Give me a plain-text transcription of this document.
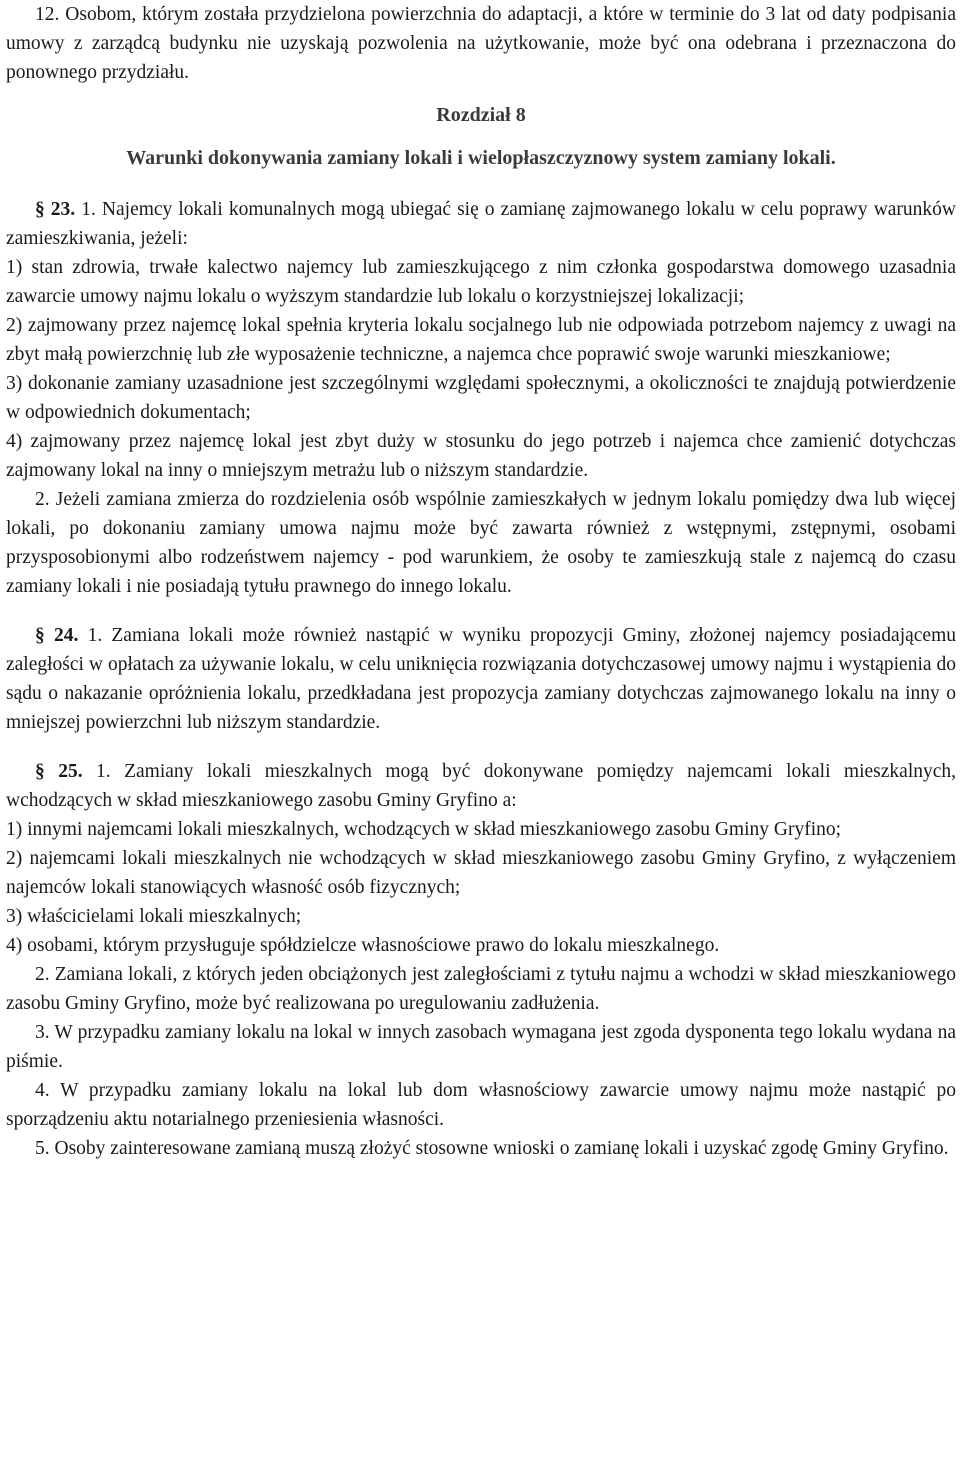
12. Osobom, którym została przydzielona powierzchnia do adaptacji, a które w terminie do 3 lat od daty podpisania umowy z zarządcą budynku nie uzyskają pozwolenia na użytkowanie, może być ona odebrana i przeznaczona do ponownego przydziału.

Rozdział 8

Warunki dokonywania zamiany lokali i wielopłaszczyznowy system zamiany lokali.

§ 23. 1. Najemcy lokali komunalnych mogą ubiegać się o zamianę zajmowanego lokalu w celu poprawy warunków zamieszkiwania, jeżeli:

1) stan zdrowia, trwałe kalectwo najemcy lub zamieszkującego z nim członka gospodarstwa domowego uzasadnia zawarcie umowy najmu lokalu o wyższym standardzie lub lokalu o korzystniejszej lokalizacji;

2) zajmowany przez najemcę lokal spełnia kryteria lokalu socjalnego lub nie odpowiada potrzebom najemcy z uwagi na zbyt małą powierzchnię lub złe wyposażenie techniczne, a najemca chce poprawić swoje warunki mieszkaniowe;

3) dokonanie zamiany uzasadnione jest szczególnymi względami społecznymi, a okoliczności te znajdują potwierdzenie w odpowiednich dokumentach;

4) zajmowany przez najemcę lokal jest zbyt duży w stosunku do jego potrzeb i najemca chce zamienić dotychczas zajmowany lokal na inny o mniejszym metrażu lub o niższym standardzie.

2. Jeżeli zamiana zmierza do rozdzielenia osób wspólnie zamieszkałych w jednym lokalu pomiędzy dwa lub więcej lokali, po dokonaniu zamiany umowa najmu może być zawarta również z wstępnymi, zstępnymi, osobami przysposobionymi albo rodzeństwem najemcy - pod warunkiem, że osoby te zamieszkują stale z najemcą do czasu zamiany lokali i nie posiadają tytułu prawnego do innego lokalu.

§ 24. 1. Zamiana lokali może również nastąpić w wyniku propozycji Gminy, złożonej najemcy posiadającemu zaległości w opłatach za używanie lokalu, w celu uniknięcia rozwiązania dotychczasowej umowy najmu i wystąpienia do sądu o nakazanie opróżnienia lokalu, przedkładana jest propozycja zamiany dotychczas zajmowanego lokalu na inny o mniejszej powierzchni lub niższym standardzie.

§ 25. 1. Zamiany lokali mieszkalnych mogą być dokonywane pomiędzy najemcami lokali mieszkalnych, wchodzących w skład mieszkaniowego zasobu Gminy Gryfino a:

1) innymi najemcami lokali mieszkalnych, wchodzących w skład mieszkaniowego zasobu Gminy Gryfino;

2) najemcami lokali mieszkalnych nie wchodzących w skład mieszkaniowego zasobu Gminy Gryfino, z wyłączeniem najemców lokali stanowiących własność osób fizycznych;

3) właścicielami lokali mieszkalnych;

4) osobami, którym przysługuje spółdzielcze własnościowe prawo do lokalu mieszkalnego.

2. Zamiana lokali, z których jeden obciążonych jest zaległościami z tytułu najmu a wchodzi w skład mieszkaniowego zasobu Gminy Gryfino, może być realizowana po uregulowaniu zadłużenia.

3. W przypadku zamiany lokalu na lokal w innych zasobach wymagana jest zgoda dysponenta tego lokalu wydana na piśmie.

4. W przypadku zamiany lokalu na lokal lub dom własnościowy zawarcie umowy najmu może nastąpić po sporządzeniu aktu notarialnego przeniesienia własności.

5. Osoby zainteresowane zamianą muszą złożyć stosowne wnioski o zamianę lokali i uzyskać zgodę Gminy Gryfino.
